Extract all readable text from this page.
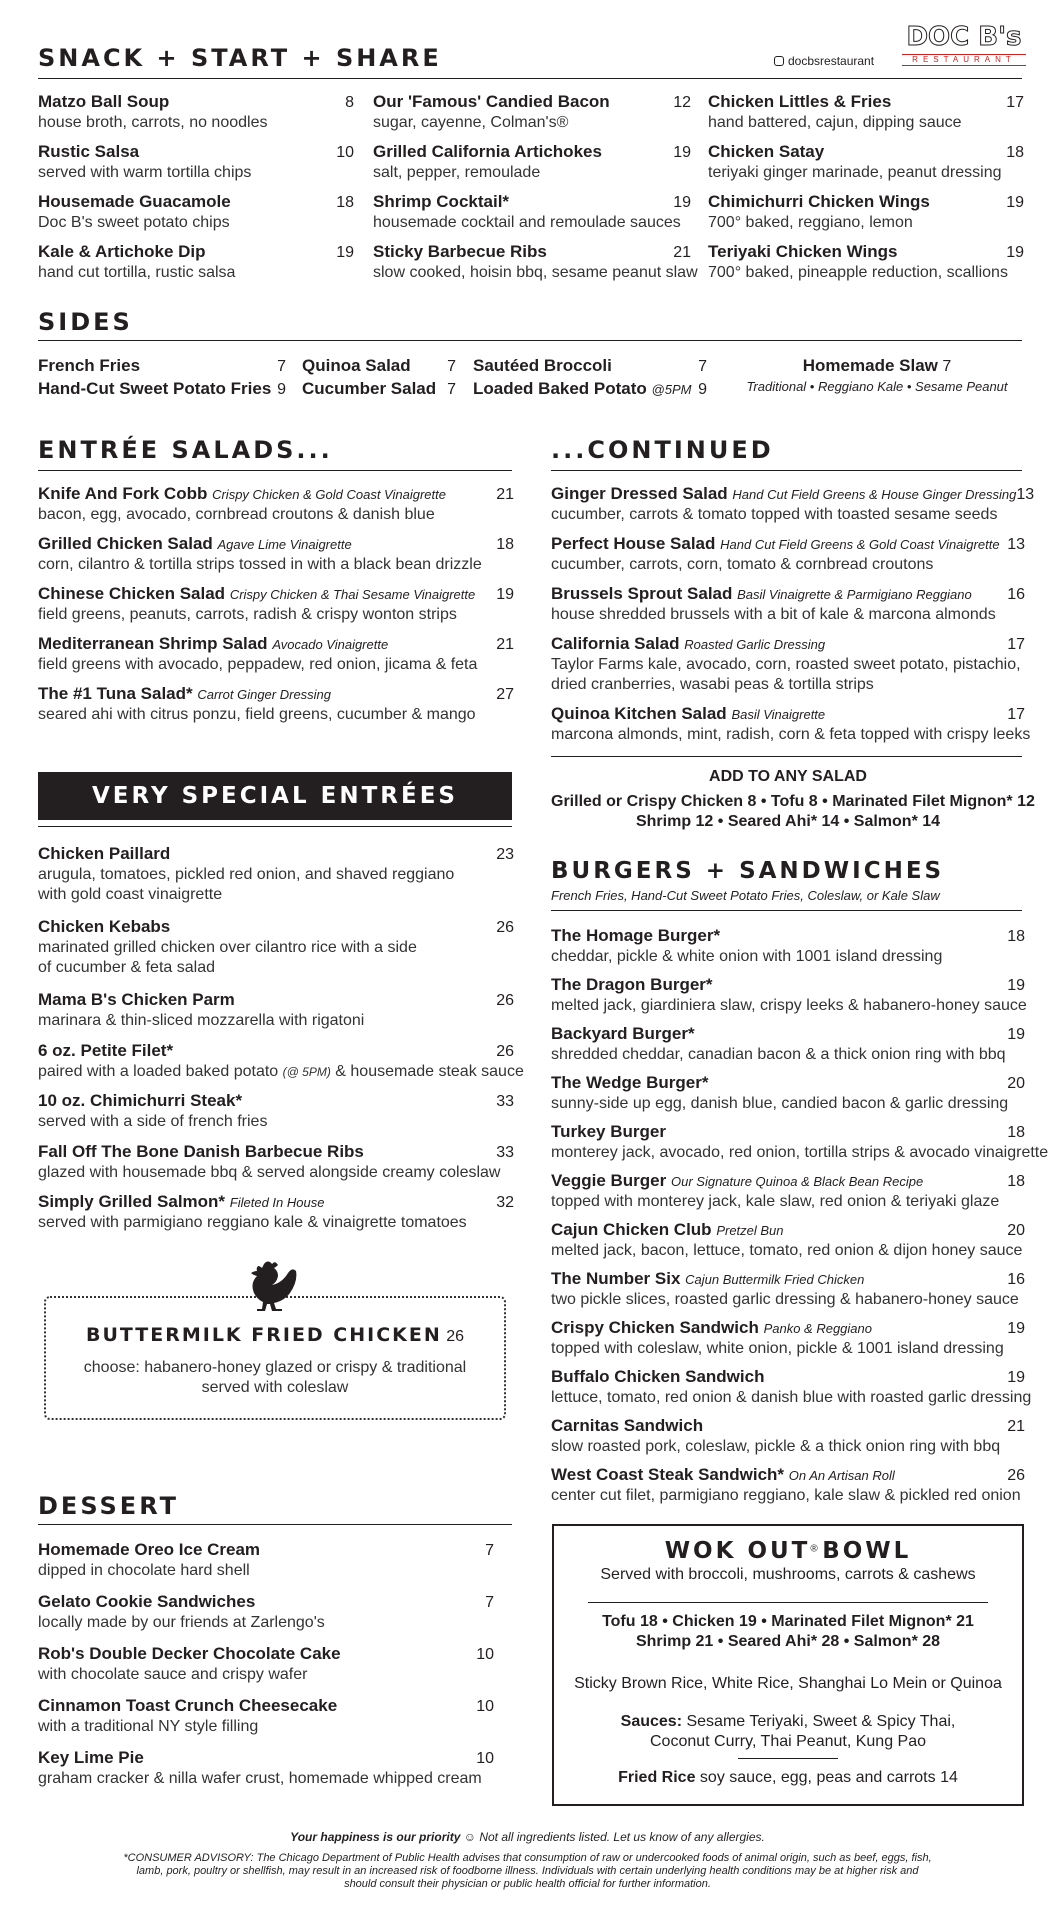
SNACK + START + SHARE	docbsrestaurant
DOC B's
RESTAURANT
Matzo Ball Soup	8
house broth, carrots, no noodles
Rustic Salsa	10
served with warm tortilla chips
Housemade Guacamole	18
Doc B's sweet potato chips
Kale & Artichoke Dip	19
hand cut tortilla, rustic salsa
Our 'Famous' Candied Bacon	12
sugar, cayenne, Colman's®
Grilled California Artichokes	19
salt, pepper, remoulade
Shrimp Cocktail*	19
housemade cocktail and remoulade sauces
Sticky Barbecue Ribs	21
slow cooked, hoisin bbq, sesame peanut slaw
Chicken Littles & Fries	17
hand battered, cajun, dipping sauce
Chicken Satay	18
teriyaki ginger marinade, peanut dressing
Chimichurri Chicken Wings	19
700° baked, reggiano, lemon
Teriyaki Chicken Wings	19
700° baked, pineapple reduction, scallions
SIDES
French Fries	7
Hand-Cut Sweet Potato Fries 9
Quinoa Salad 7
Cucumber Salad 7
Sautéed Broccoli	7
Loaded Baked Potato @5PM 9
Homemade Slaw 7
Traditional • Reggiano Kale • Sesame Peanut
ENTRÉE SALADS...
Knife And Fork Cobb Crispy Chicken & Gold Coast Vinaigrette	21
bacon, egg, avocado, cornbread croutons & danish blue
Grilled Chicken Salad Agave Lime Vinaigrette	18
corn, cilantro & tortilla strips tossed in with a black bean drizzle
Chinese Chicken Salad Crispy Chicken & Thai Sesame Vinaigrette 19
field greens, peanuts, carrots, radish & crispy wonton strips
Mediterranean Shrimp Salad Avocado Vinaigrette	21
field greens with avocado, peppadew, red onion, jicama & feta
The #1 Tuna Salad* Carrot Ginger Dressing	27
seared ahi with citrus ponzu, field greens, cucumber & mango
...CONTINUED
Ginger Dressed Salad Hand Cut Field Greens & House Ginger Dressing 13
cucumber, carrots & tomato topped with toasted sesame seeds
Perfect House Salad Hand Cut Field Greens & Gold Coast Vinaigrette 13
cucumber, carrots, corn, tomato & cornbread croutons
Brussels Sprout Salad Basil Vinaigrette & Parmigiano Reggiano 16
house shredded brussels with a bit of kale & marcona almonds
California Salad Roasted Garlic Dressing	17
Taylor Farms kale, avocado, corn, roasted sweet potato, pistachio,
dried cranberries, wasabi peas & tortilla strips
Quinoa Kitchen Salad Basil Vinaigrette	17
marcona almonds, mint, radish, corn & feta topped with crispy leeks
ADD TO ANY SALAD
Grilled or Crispy Chicken 8 • Tofu 8 • Marinated Filet Mignon* 12
Shrimp 12 • Seared Ahi* 14 • Salmon* 14
VERY SPECIAL ENTRÉES
Chicken Paillard	23
arugula, tomatoes, pickled red onion, and shaved reggiano
with gold coast vinaigrette
Chicken Kebabs	26
marinated grilled chicken over cilantro rice with a side
of cucumber & feta salad
Mama B's Chicken Parm	26
marinara & thin-sliced mozzarella with rigatoni
6 oz. Petite Filet*	26
paired with a loaded baked potato (@ 5PM) & housemade steak sauce
10 oz. Chimichurri Steak*	33
served with a side of french fries
Fall Off The Bone Danish Barbecue Ribs	33
glazed with housemade bbq & served alongside creamy coleslaw
Simply Grilled Salmon* Fileted In House	32
served with parmigiano reggiano kale & vinaigrette tomatoes
BUTTERMILK FRIED CHICKEN 26
choose: habanero-honey glazed or crispy & traditional
served with coleslaw
DESSERT
Homemade Oreo Ice Cream	7
dipped in chocolate hard shell
Gelato Cookie Sandwiches	7
locally made by our friends at Zarlengo's
Rob's Double Decker Chocolate Cake	10
with chocolate sauce and crispy wafer
Cinnamon Toast Crunch Cheesecake	10
with a traditional NY style filling
Key Lime Pie	10
graham cracker & nilla wafer crust, homemade whipped cream
BURGERS + SANDWICHES
French Fries, Hand-Cut Sweet Potato Fries, Coleslaw, or Kale Slaw
The Homage Burger*	18
cheddar, pickle & white onion with 1001 island dressing
The Dragon Burger*	19
melted jack, giardiniera slaw, crispy leeks & habanero-honey sauce
Backyard Burger*	19
shredded cheddar, canadian bacon & a thick onion ring with bbq
The Wedge Burger*	20
sunny-side up egg, danish blue, candied bacon & garlic dressing
Turkey Burger	18
monterey jack, avocado, red onion, tortilla strips & avocado vinaigrette
Veggie Burger Our Signature Quinoa & Black Bean Recipe	18
topped with monterey jack, kale slaw, red onion & teriyaki glaze
Cajun Chicken Club Pretzel Bun	20
melted jack, bacon, lettuce, tomato, red onion & dijon honey sauce
The Number Six Cajun Buttermilk Fried Chicken	16
two pickle slices, roasted garlic dressing & habanero-honey sauce
Crispy Chicken Sandwich Panko & Reggiano	19
topped with coleslaw, white onion, pickle & 1001 island dressing
Buffalo Chicken Sandwich	19
lettuce, tomato, red onion & danish blue with roasted garlic dressing
Carnitas Sandwich	21
slow roasted pork, coleslaw, pickle & a thick onion ring with bbq
West Coast Steak Sandwich* On An Artisan Roll	26
center cut filet, parmigiano reggiano, kale slaw & pickled red onion
WOK OUT® BOWL
Served with broccoli, mushrooms, carrots & cashews
Tofu 18 • Chicken 19 • Marinated Filet Mignon* 21
Shrimp 21 • Seared Ahi* 28 • Salmon* 28
Sticky Brown Rice, White Rice, Shanghai Lo Mein or Quinoa
Sauces: Sesame Teriyaki, Sweet & Spicy Thai,
Coconut Curry, Thai Peanut, Kung Pao
Fried Rice soy sauce, egg, peas and carrots 14
Your happiness is our priority ☺ Not all ingredients listed. Let us know of any allergies.
*CONSUMER ADVISORY: The Chicago Department of Public Health advises that consumption of raw or undercooked foods of animal origin, such as beef, eggs, fish,
lamb, pork, poultry or shellfish, may result in an increased risk of foodborne illness. Individuals with certain underlying health conditions may be at higher risk and
should consult their physician or public health official for further information.
